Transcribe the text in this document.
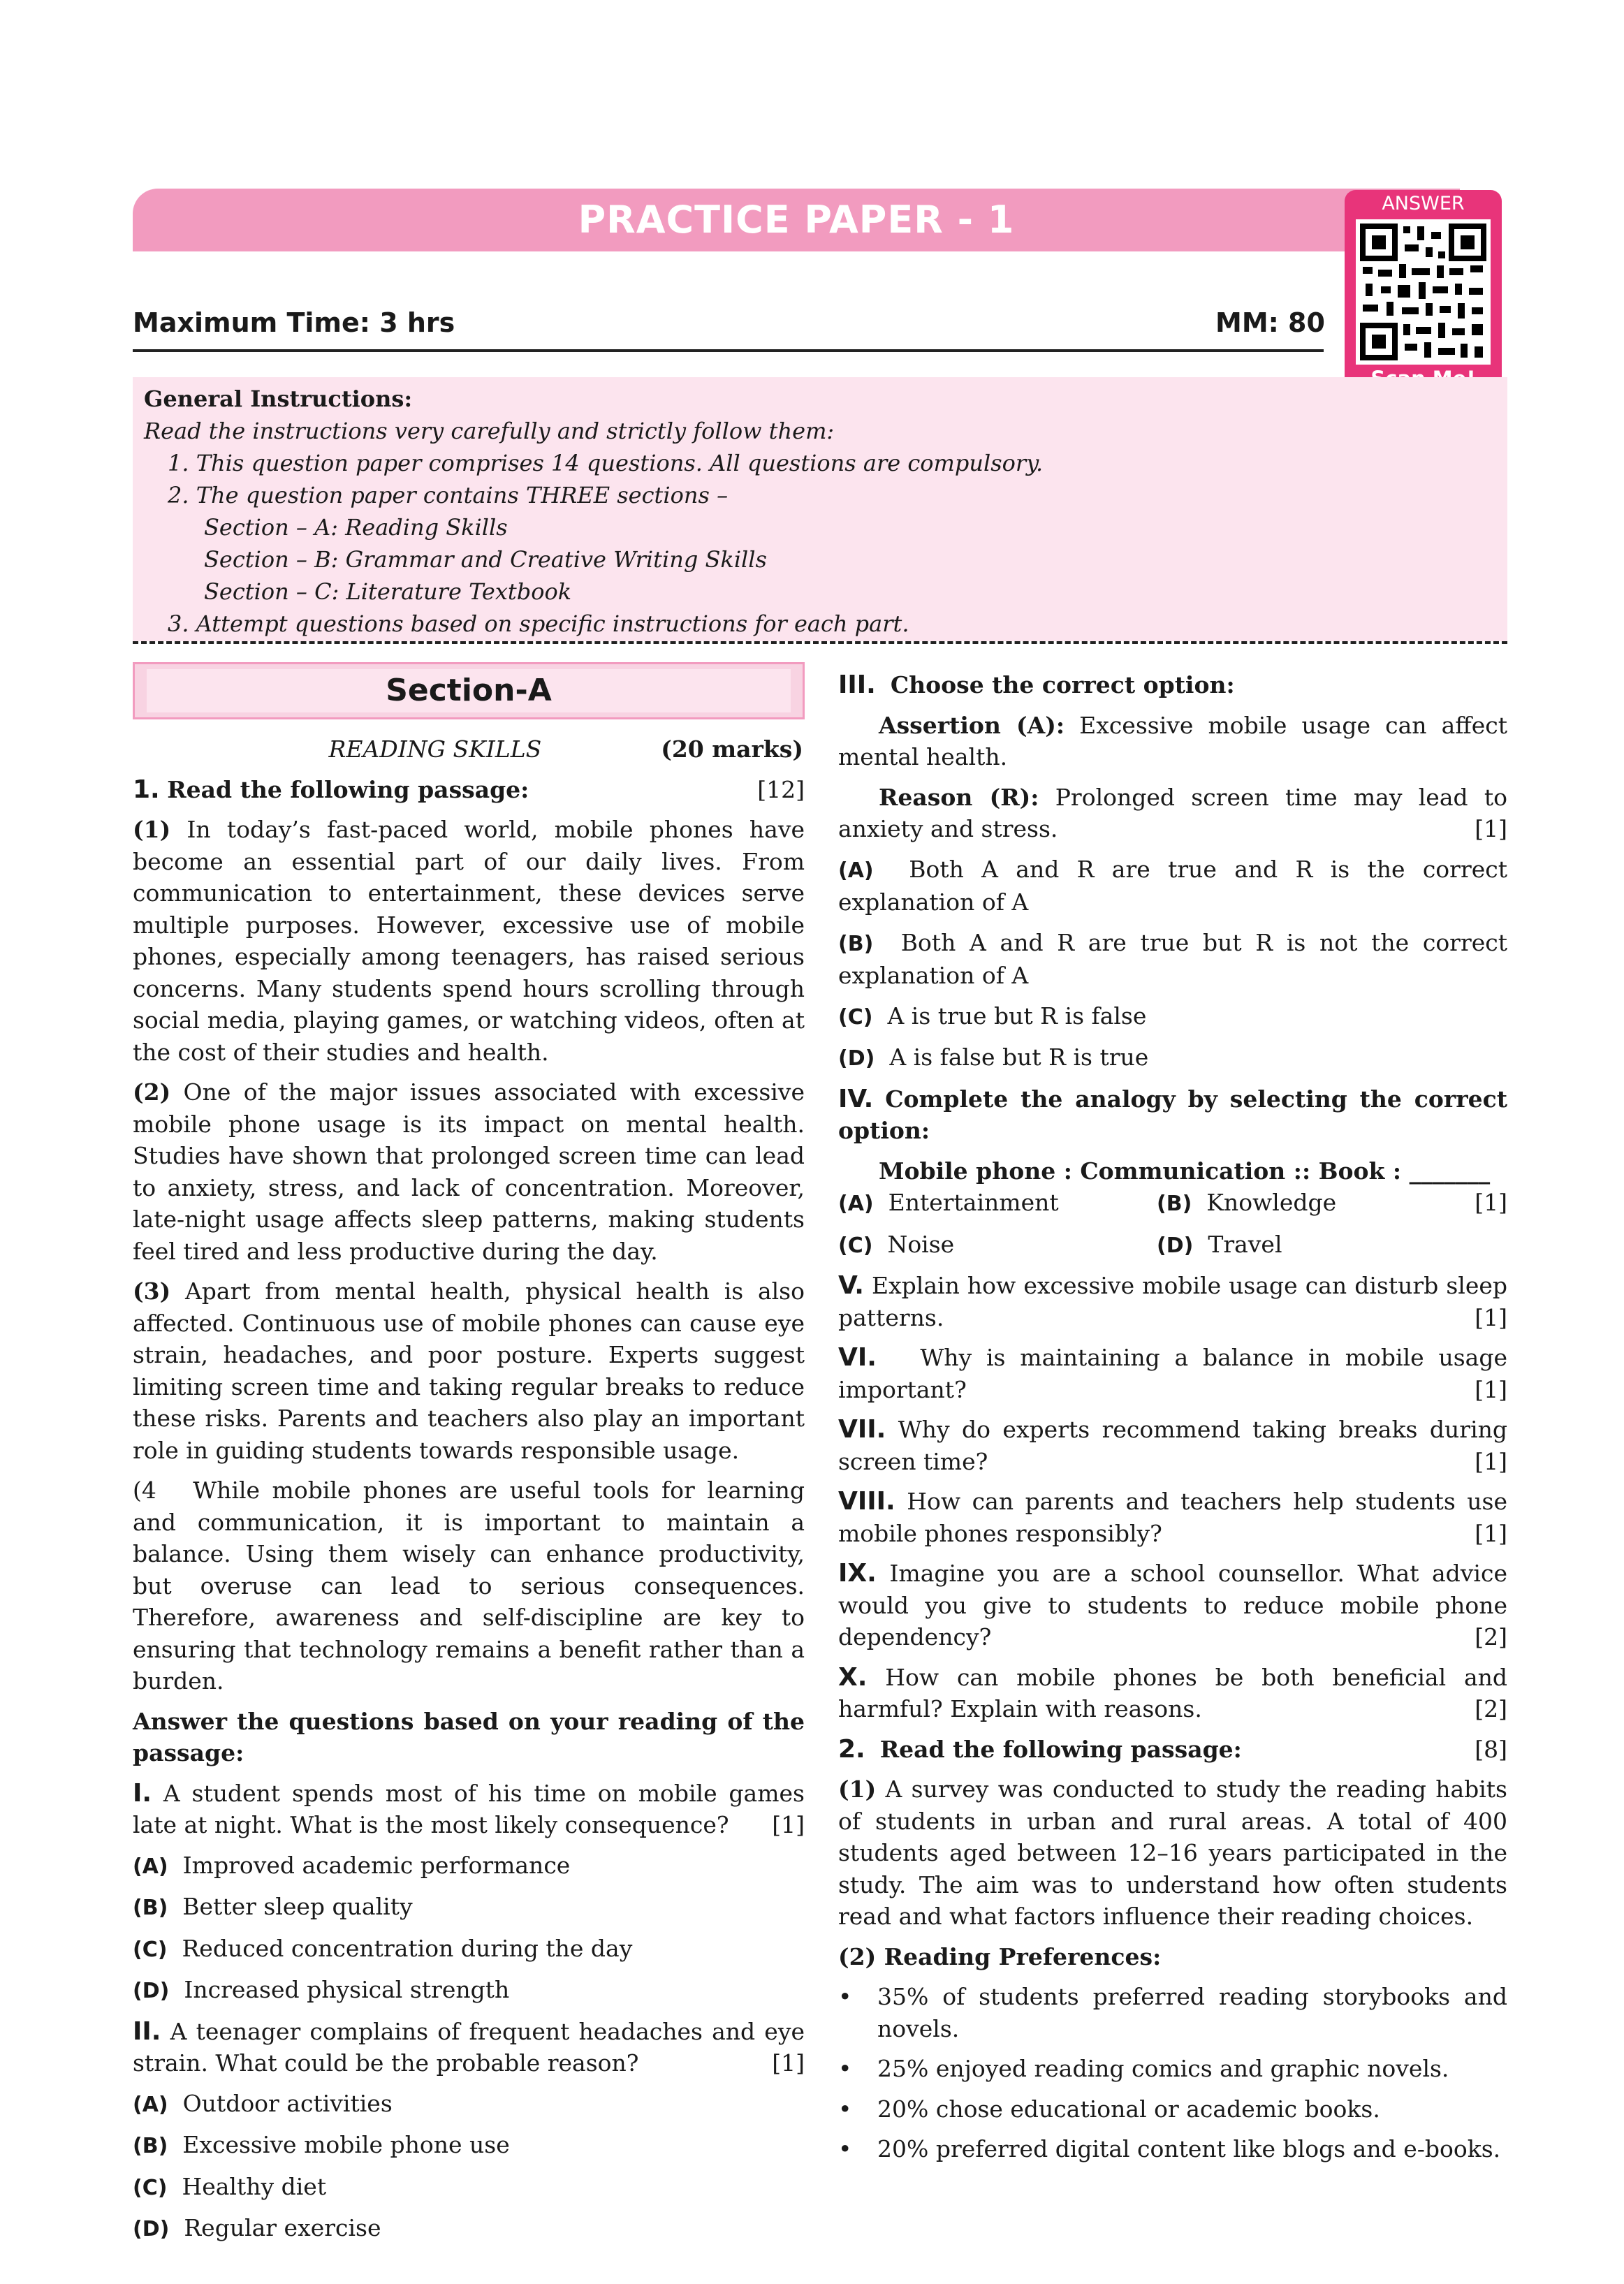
PRACTICE PAPER - 1	ANSWER
Maximum Time: 3 hrs	MM: 80
General Instructions:
Read the instructions very carefully and strictly follow them:
1. This question paper comprises 14 questions. All questions are compulsory.
2. The question paper contains THREE sections –
Section – A: Reading Skills
Section – B: Grammar and Creative Writing Skills
Section – C: Literature Textbook
3. Attempt questions based on specific instructions for each part.
Section-A

READING SKILLS	(20 marks)

1. Read the following passage:	[12]

(1) In today’s fast-paced world, mobile phones have become an essential part of our daily lives. From communication to entertainment, these devices serve multiple purposes. However, excessive use of mobile phones, especially among teenagers, has raised serious concerns. Many students spend hours scrolling through social media, playing games, or watching videos, often at the cost of their studies and health.

(2) One of the major issues associated with excessive mobile phone usage is its impact on mental health. Studies have shown that prolonged screen time can lead to anxiety, stress, and lack of concentration. Moreover, late-night usage affects sleep patterns, making students feel tired and less productive during the day.

(3) Apart from mental health, physical health is also affected. Continuous use of mobile phones can cause eye strain, headaches, and poor posture. Experts suggest limiting screen time and taking regular breaks to reduce these risks. Parents and teachers also play an important role in guiding students towards responsible usage.

(4 While mobile phones are useful tools for learning and communication, it is important to maintain a balance. Using them wisely can enhance productivity, but overuse can lead to serious consequences. Therefore, awareness and self-discipline are key to ensuring that technology remains a benefit rather than a burden.

Answer the questions based on your reading of the passage:

I. A student spends most of his time on mobile games late at night. What is the most likely consequence? [1]

(A) Improved academic performance

(B) Better sleep quality

(C) Reduced concentration during the day

(D) Increased physical strength

II. A teenager complains of frequent headaches and eye strain. What could be the probable reason?	[1]

(A) Outdoor activities

(B) Excessive mobile phone use

(C) Healthy diet

(D) Regular exercise

III. Choose the correct option:

Assertion (A): Excessive mobile usage can affect mental health.

Reason (R): Prolonged screen time may lead to anxiety and stress.	[1]

(A) Both A and R are true and R is the correct explanation of A

(B) Both A and R are true but R is not the correct explanation of A

(C) A is true but R is false

(D) A is false but R is true

IV. Complete the analogy by selecting the correct option:

Mobile phone : Communication :: Book : _______
[1]

(A) Entertainment	(B) Knowledge

(C) Noise	(D) Travel

V. Explain how excessive mobile usage can disturb sleep patterns.	[1]

VI. Why is maintaining a balance in mobile usage important?	[1]

VII. Why do experts recommend taking breaks during screen time?	[1]

VIII. How can parents and teachers help students use mobile phones responsibly?	[1]

IX. Imagine you are a school counsellor. What advice would you give to students to reduce mobile phone dependency?	[2]

X. How can mobile phones be both beneficial and harmful? Explain with reasons.	[2]

2. Read the following passage:	[8]

(1) A survey was conducted to study the reading habits of students in urban and rural areas. A total of 400 students aged between 12–16 years participated in the study. The aim was to understand how often students read and what factors influence their reading choices.

(2) Reading Preferences:

• 35% of students preferred reading storybooks and novels.

• 25% enjoyed reading comics and graphic novels.

• 20% chose educational or academic books.

• 20% preferred digital content like blogs and e-books.
